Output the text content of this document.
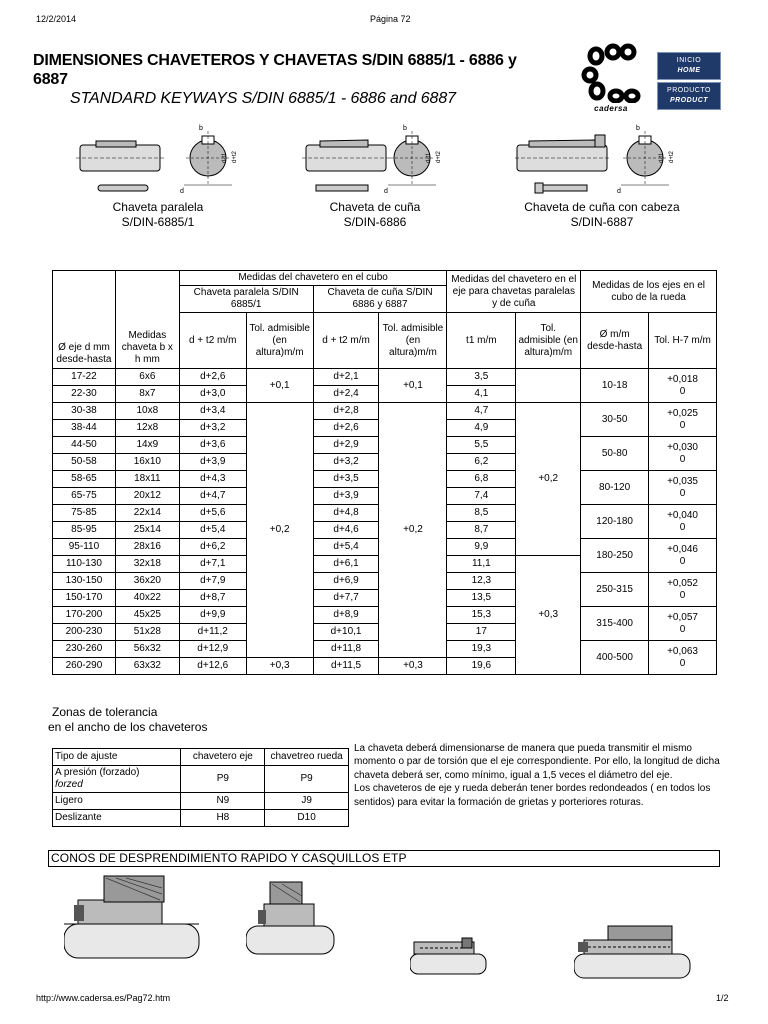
12/2/2014	Página 72
http://www.cadersa.es/Pag72.htm	1/2
DIMENSIONES CHAVETEROS Y CHAVETAS S/DIN 6885/1 - 6886 y 6887
STANDARD KEYWAYS S/DIN 6885/1 - 6886 and 6887
cadersa
INICIO
HOME
PRODUCTO
PRODUCT
b
d
d-t1 d+t2
b
d
d-t1 d+t2
b
d
d-t1 d+t2
Chaveta paralela
S/DIN-6885/1
Chaveta de cuña
S/DIN-6886
Chaveta de cuña con cabeza
S/DIN-6887
Ø eje d mm desde-hasta	Medidas chaveta b x h mm	Medidas del chavetero en el cubo				Medidas del chavetero en el eje para chavetas paralelas y de cuña		Medidas de los ejes en el cubo de la rueda	
		Chaveta paralela S/DIN 6885/1		Chaveta de cuña S/DIN 6886 y 6887					
		d + t2 m/m	Tol. admisible (en altura)m/m	d + t2 m/m	Tol. admisible (en altura)m/m	t1 m/m	Tol. admisible (en altura)m/m	Ø m/m desde-hasta	Tol. H-7 m/m
17-22	6x6	d+2,6	+0,1	d+2,1	+0,1	3,5		10-18	+0,018
0

22-30	8x7	d+3,0		d+2,4		4,1			
30-38	10x8	d+3,4	+0,2	d+2,8	+0,2	4,7	+0,2	30-50	+0,025
0

38-44	12x8	d+3,2		d+2,6		4,9			
44-50	14x9	d+3,6		d+2,9		5,5		50-80	+0,030
0

50-58	16x10	d+3,9		d+3,2		6,2			
58-65	18x11	d+4,3		d+3,5		6,8		80-120	+0,035
0

65-75	20x12	d+4,7		d+3,9		7,4			
75-85	22x14	d+5,6		d+4,8		8,5		120-180	+0,040
0

85-95	25x14	d+5,4		d+4,6		8,7			
95-110	28x16	d+6,2		d+5,4		9,9		180-250	+0,046
0

110-130	32x18	d+7,1		d+6,1		11,1	+0,3		
130-150	36x20	d+7,9		d+6,9		12,3		250-315	+0,052
0

150-170	40x22	d+8,7		d+7,7		13,5			
170-200	45x25	d+9,9		d+8,9		15,3		315-400	+0,057
0

200-230	51x28	d+11,2		d+10,1		17			
230-260	56x32	d+12,9		d+11,8		19,3		400-500	+0,063
0

260-290	63x32	d+12,6	+0,3	d+11,5	+0,3	19,6			
Zonas de tolerancia
en el ancho de los chaveteros
Tipo de ajuste	chavetero eje	chavetreo rueda

A presión (forzado)
forzed	P9	P9
Ligero	N9	J9
Deslizante	H8	D10
La chaveta deberá dimensionarse de manera que pueda transmitir el mismo momento o par de torsión que el eje correspondiente. Por ello, la longitud de dicha chaveta deberá ser, como mínimo, igual a 1,5 veces el diámetro del eje.
Los chaveteros de eje y rueda deberán tener bordes redondeados ( en todos los sentidos) para evitar la formación de grietas y porteriores roturas.
CONOS DE DESPRENDIMIENTO RAPIDO Y CASQUILLOS ETP
